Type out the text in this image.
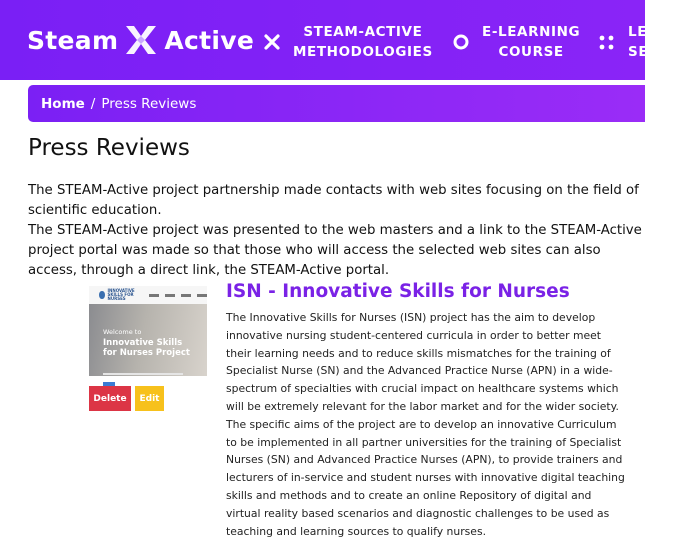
Steam Active	STEAM-ACTIVE
METHODOLOGIES
E-LEARNING
COURSE
LEA
SEC
Home / Press Reviews
Press Reviews

The STEAM-Active project partnership made contacts with web sites focusing on the field of scientific education.

The STEAM-Active project was presented to the web masters and a link to the STEAM-Active project portal was made so that those who will access the selected web sites can also access, through a direct link, the STEAM-Active portal.

INNOVATIVE
SKILLS FOR NURSES
Welcome to
Innovative Skills
for Nurses Project
Delete	Edit
ISN - Innovative Skills for Nurses

The Innovative Skills for Nurses (ISN) project has the aim to develop innovative nursing student-centered curricula in order to better meet their learning needs and to reduce skills mismatches for the training of Specialist Nurse (SN) and the Advanced Practice Nurse (APN) in a wide-spectrum of specialties with crucial impact on healthcare systems which will be extremely relevant for the labor market and for the wider society. The specific aims of the project are to develop an innovative Curriculum to be implemented in all partner universities for the training of Specialist Nurses (SN) and Advanced Practice Nurses (APN), to provide trainers and lecturers of in-service and student nurses with innovative digital teaching skills and methods and to create an online Repository of digital and virtual reality based scenarios and diagnostic challenges to be used as teaching and learning sources to qualify nurses.
